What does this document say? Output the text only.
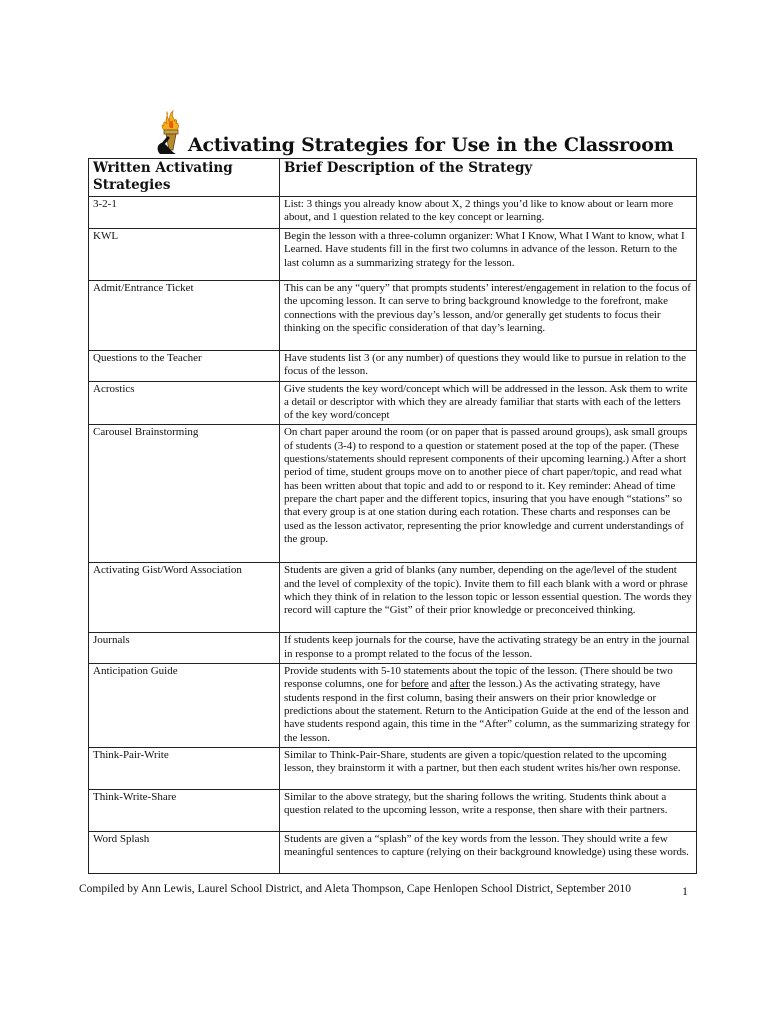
Activating Strategies for Use in the Classroom
Written Activating Strategies	Brief Description of the Strategy
3-2-1	List: 3 things you already know about X, 2 things you’d like to know about or learn more about, and 1 question related to the key concept or learning.
KWL	Begin the lesson with a three-column organizer: What I Know, What I Want to know, what I Learned. Have students fill in the first two columns in advance of the lesson. Return to the last column as a summarizing strategy for the lesson.
Admit/Entrance Ticket	This can be any “query” that prompts students’ interest/engagement in relation to the focus of the upcoming lesson. It can serve to bring background knowledge to the forefront, make connections with the previous day’s lesson, and/or generally get students to focus their thinking on the specific consideration of that day’s learning.
Questions to the Teacher	Have students list 3 (or any number) of questions they would like to pursue in relation to the focus of the lesson.
Acrostics	Give students the key word/concept which will be addressed in the lesson. Ask them to write a detail or descriptor with which they are already familiar that starts with each of the letters of the key word/concept
Carousel Brainstorming	On chart paper around the room (or on paper that is passed around groups), ask small groups of students (3-4) to respond to a question or statement posed at the top of the paper. (These questions/statements should represent components of their upcoming learning.) After a short period of time, student groups move on to another piece of chart paper/topic, and read what has been written about that topic and add to or respond to it. Key reminder: Ahead of time prepare the chart paper and the different topics, insuring that you have enough “stations” so that every group is at one station during each rotation. These charts and responses can be used as the lesson activator, representing the prior knowledge and current understandings of the group.
Activating Gist/Word Association	Students are given a grid of blanks (any number, depending on the age/level of the student and the level of complexity of the topic). Invite them to fill each blank with a word or phrase which they think of in relation to the lesson topic or lesson essential question. The words they record will capture the “Gist” of their prior knowledge or preconceived thinking.
Journals	If students keep journals for the course, have the activating strategy be an entry in the journal in response to a prompt related to the focus of the lesson.
Anticipation Guide	Provide students with 5-10 statements about the topic of the lesson. (There should be two response columns, one for before and after the lesson.) As the activating strategy, have students respond in the first column, basing their answers on their prior knowledge or predictions about the statement. Return to the Anticipation Guide at the end of the lesson and have students respond again, this time in the “After” column, as the summarizing strategy for the lesson.
Think-Pair-Write	Similar to Think-Pair-Share, students are given a topic/question related to the upcoming lesson, they brainstorm it with a partner, but then each student writes his/her own response.
Think-Write-Share	Similar to the above strategy, but the sharing follows the writing. Students think about a question related to the upcoming lesson, write a response, then share with their partners.
Word Splash	Students are given a “splash” of the key words from the lesson. They should write a few meaningful sentences to capture (relying on their background knowledge) using these words.
Compiled by Ann Lewis, Laurel School District, and Aleta Thompson, Cape Henlopen School District, September 2010	1
